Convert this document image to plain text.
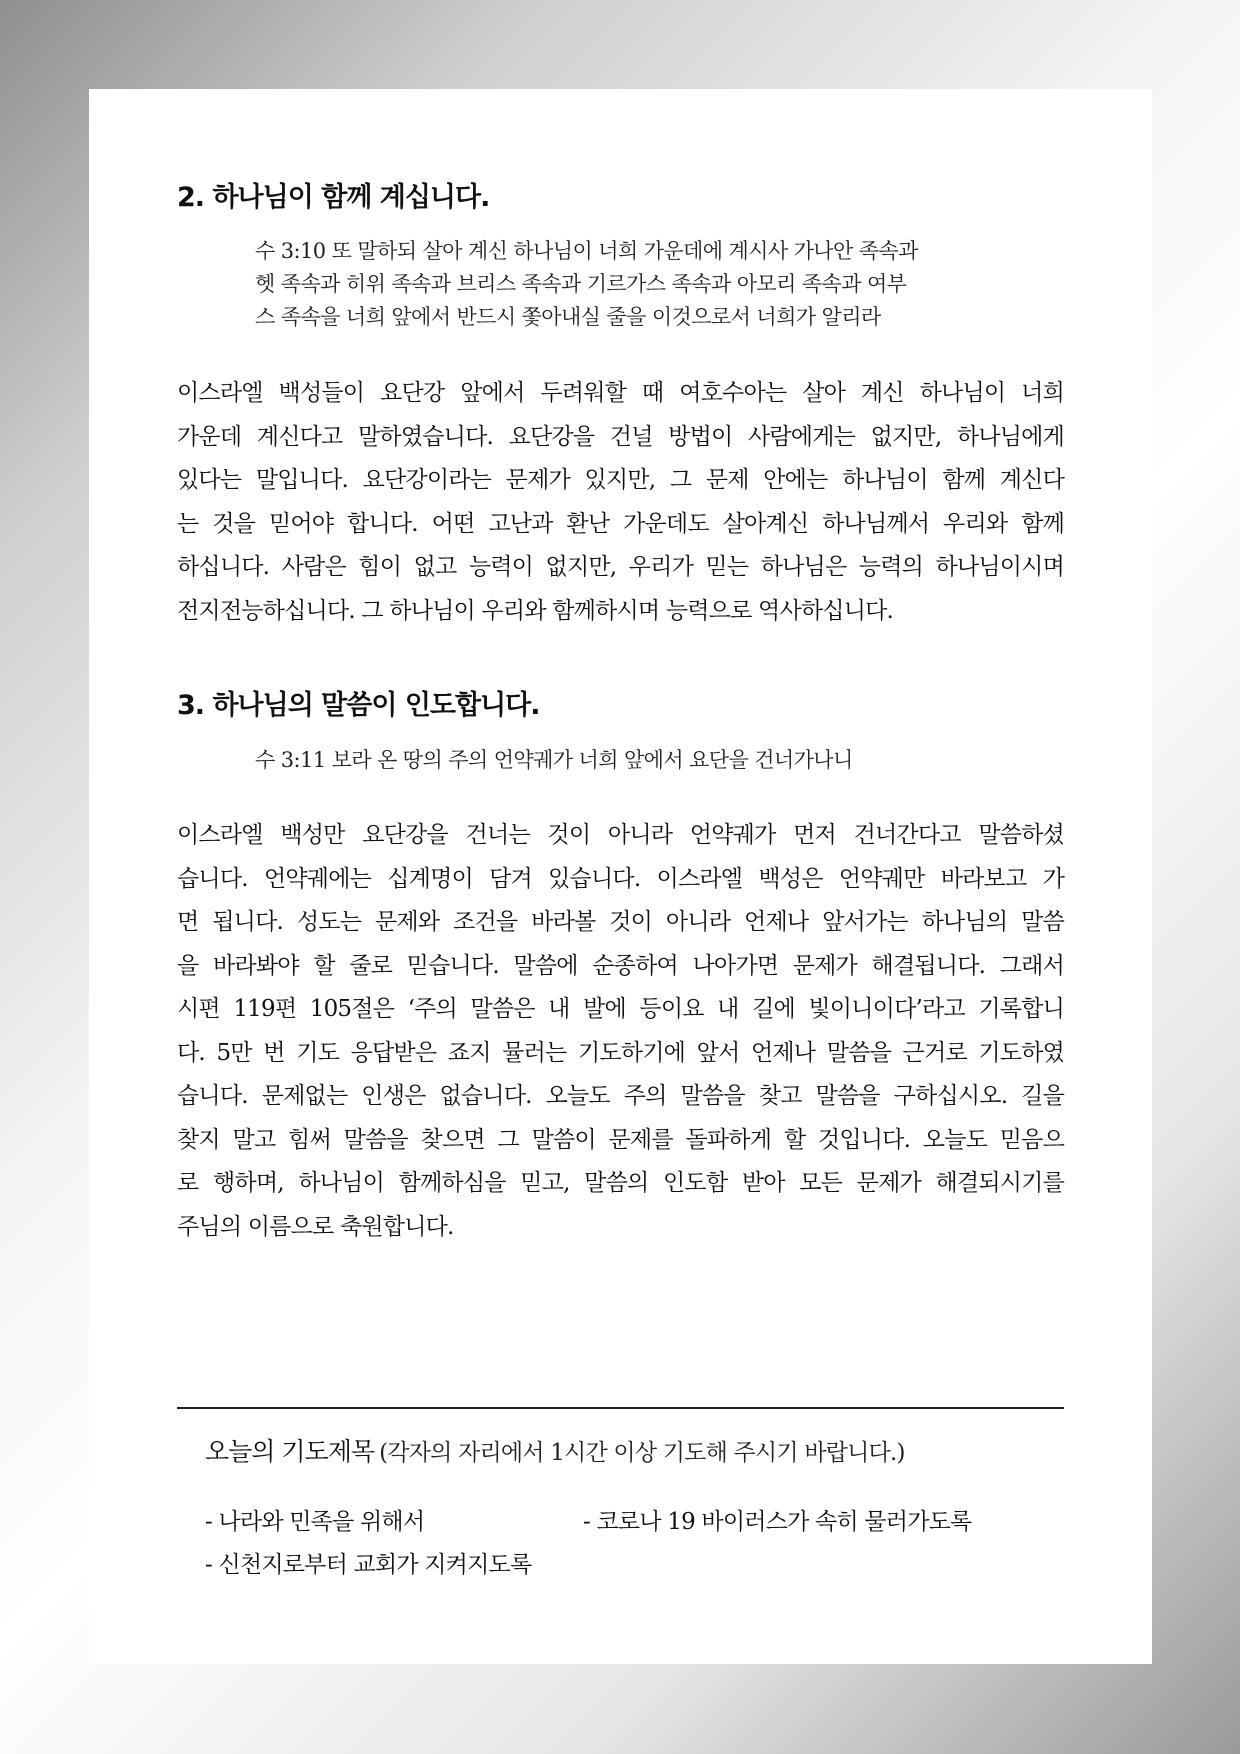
2. 하나님이 함께 계십니다.
수 3:10 또 말하되 살아 계신 하나님이 너희 가운데에 계시사 가나안 족속과
헷 족속과 히위 족속과 브리스 족속과 기르가스 족속과 아모리 족속과 여부
스 족속을 너희 앞에서 반드시 쫓아내실 줄을 이것으로서 너희가 알리라
이스라엘 백성들이 요단강 앞에서 두려워할 때 여호수아는 살아 계신 하나님이 너희
가운데 계신다고 말하였습니다. 요단강을 건널 방법이 사람에게는 없지만, 하나님에게
있다는 말입니다. 요단강이라는 문제가 있지만, 그 문제 안에는 하나님이 함께 계신다
는 것을 믿어야 합니다. 어떤 고난과 환난 가운데도 살아계신 하나님께서 우리와 함께
하십니다. 사람은 힘이 없고 능력이 없지만, 우리가 믿는 하나님은 능력의 하나님이시며
전지전능하십니다. 그 하나님이 우리와 함께하시며 능력으로 역사하십니다.
3. 하나님의 말씀이 인도합니다.
수 3:11 보라 온 땅의 주의 언약궤가 너희 앞에서 요단을 건너가나니
이스라엘 백성만 요단강을 건너는 것이 아니라 언약궤가 먼저 건너간다고 말씀하셨
습니다. 언약궤에는 십계명이 담겨 있습니다. 이스라엘 백성은 언약궤만 바라보고 가
면 됩니다. 성도는 문제와 조건을 바라볼 것이 아니라 언제나 앞서가는 하나님의 말씀
을 바라봐야 할 줄로 믿습니다. 말씀에 순종하여 나아가면 문제가 해결됩니다. 그래서
시편 119편 105절은 ‘주의 말씀은 내 발에 등이요 내 길에 빛이니이다’라고 기록합니
다. 5만 번 기도 응답받은 죠지 뮬러는 기도하기에 앞서 언제나 말씀을 근거로 기도하였
습니다. 문제없는 인생은 없습니다. 오늘도 주의 말씀을 찾고 말씀을 구하십시오. 길을
찾지 말고 힘써 말씀을 찾으면 그 말씀이 문제를 돌파하게 할 것입니다. 오늘도 믿음으
로 행하며, 하나님이 함께하심을 믿고, 말씀의 인도함 받아 모든 문제가 해결되시기를
주님의 이름으로 축원합니다.
오늘의 기도제목 (각자의 자리에서 1시간 이상 기도해 주시기 바랍니다.)
- 나라와 민족을 위해서	- 코로나 19 바이러스가 속히 물러가도록
- 신천지로부터 교회가 지켜지도록
